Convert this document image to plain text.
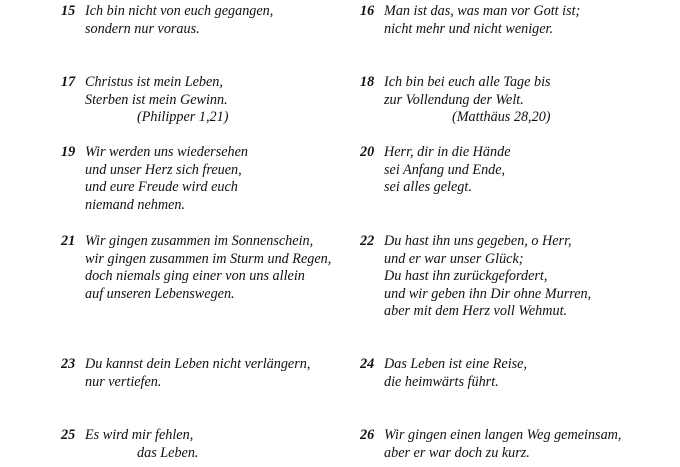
15 Ich bin nicht von euch gegangen,
sondern nur voraus.
16 Man ist das, was man vor Gott ist;
nicht mehr und nicht weniger.
17 Christus ist mein Leben,
Sterben ist mein Gewinn.
(Philipper 1,21)
18 Ich bin bei euch alle Tage bis
zur Vollendung der Welt.
(Matthäus 28,20)
19 Wir werden uns wiedersehen
und unser Herz sich freuen,
und eure Freude wird euch
niemand nehmen.
20 Herr, dir in die Hände
sei Anfang und Ende,
sei alles gelegt.
21 Wir gingen zusammen im Sonnenschein,
wir gingen zusammen im Sturm und Regen,
doch niemals ging einer von uns allein
auf unseren Lebenswegen.
22 Du hast ihn uns gegeben, o Herr,
und er war unser Glück;
Du hast ihn zurückgefordert,
und wir geben ihn Dir ohne Murren,
aber mit dem Herz voll Wehmut.
23 Du kannst dein Leben nicht verlängern,
nur vertiefen.
24 Das Leben ist eine Reise,
die heimwärts führt.
25 Es wird mir fehlen,
das Leben.
26 Wir gingen einen langen Weg gemeinsam,
aber er war doch zu kurz.
